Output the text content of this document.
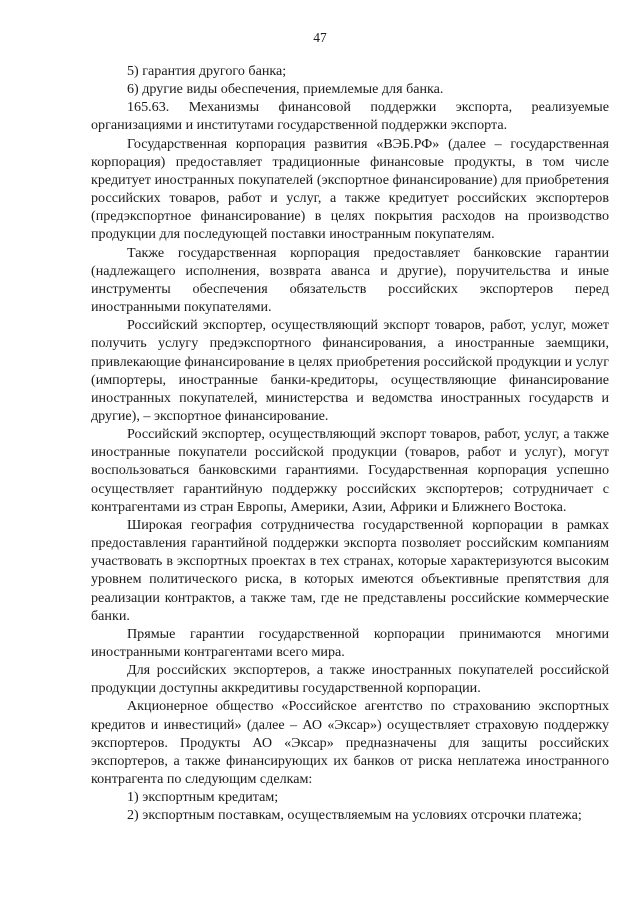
47

5) гарантия другого банка;

6) другие виды обеспечения, приемлемые для банка.

165.63. Механизмы финансовой поддержки экспорта, реализуемые организациями и институтами государственной поддержки экспорта.

Государственная корпорация развития «ВЭБ.РФ» (далее – государственная корпорация) предоставляет традиционные финансовые продукты, в том числе кредитует иностранных покупателей (экспортное финансирование) для приобретения российских товаров, работ и услуг, а также кредитует российских экспортеров (предэкспортное финансирование) в целях покрытия расходов на производство продукции для последующей поставки иностранным покупателям.

Также государственная корпорация предоставляет банковские гарантии (надлежащего исполнения, возврата аванса и другие), поручительства и иные инструменты обеспечения обязательств российских экспортеров перед иностранными покупателями.

Российский экспортер, осуществляющий экспорт товаров, работ, услуг, может получить услугу предэкспортного финансирования, а иностранные заемщики, привлекающие финансирование в целях приобретения российской продукции и услуг (импортеры, иностранные банки-кредиторы, осуществляющие финансирование иностранных покупателей, министерства и ведомства иностранных государств и другие), – экспортное финансирование.

Российский экспортер, осуществляющий экспорт товаров, работ, услуг, а также иностранные покупатели российской продукции (товаров, работ и услуг), могут воспользоваться банковскими гарантиями. Государственная корпорация успешно осуществляет гарантийную поддержку российских экспортеров; сотрудничает с контрагентами из стран Европы, Америки, Азии, Африки и Ближнего Востока.

Широкая география сотрудничества государственной корпорации в рамках предоставления гарантийной поддержки экспорта позволяет российским компаниям участвовать в экспортных проектах в тех странах, которые характеризуются высоким уровнем политического риска, в которых имеются объективные препятствия для реализации контрактов, а также там, где не представлены российские коммерческие банки.

Прямые гарантии государственной корпорации принимаются многими иностранными контрагентами всего мира.

Для российских экспортеров, а также иностранных покупателей российской продукции доступны аккредитивы государственной корпорации.

Акционерное общество «Российское агентство по страхованию экспортных кредитов и инвестиций» (далее – АО «Эксар») осуществляет страховую поддержку экспортеров. Продукты АО «Эксар» предназначены для защиты российских экспортеров, а также финансирующих их банков от риска неплатежа иностранного контрагента по следующим сделкам:

1) экспортным кредитам;

2) экспортным поставкам, осуществляемым на условиях отсрочки платежа;
